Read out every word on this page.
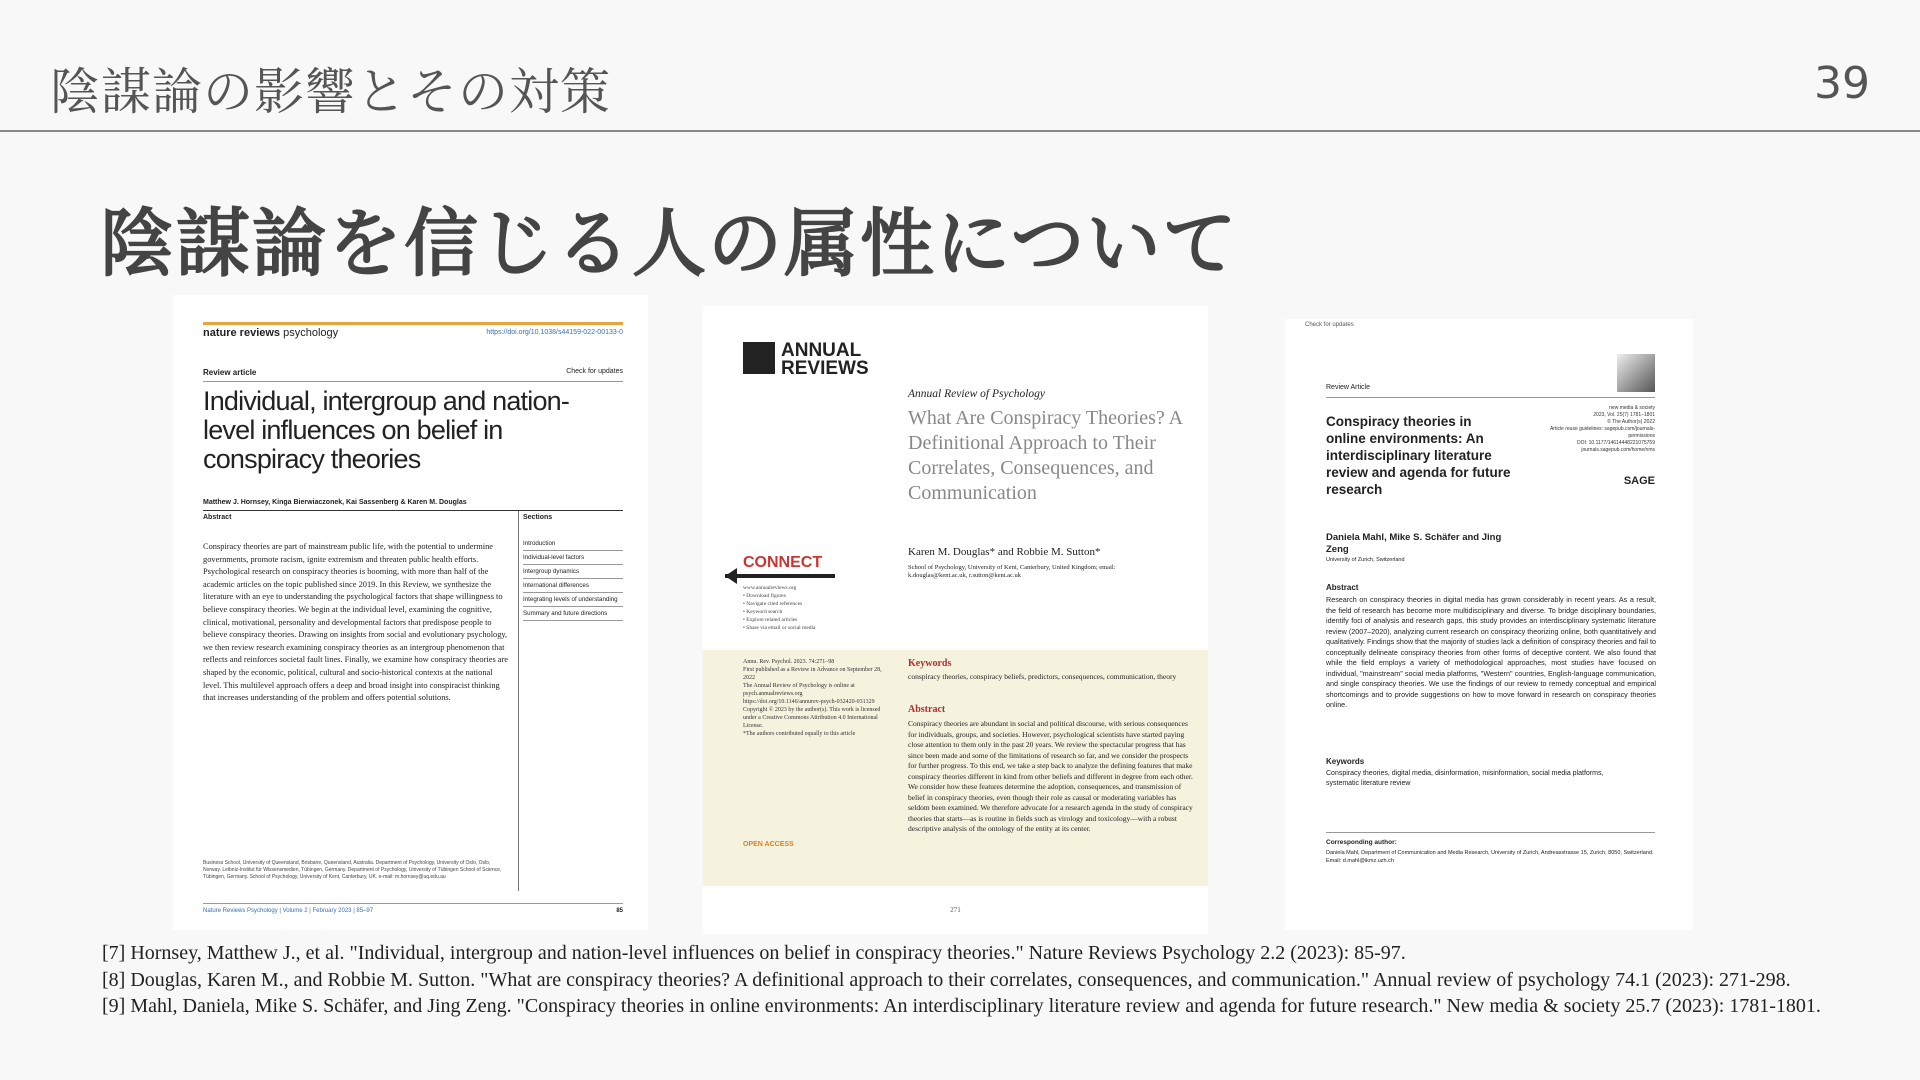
陰謀論の影響とその対策	39
陰謀論を信じる人の属性について
nature reviews psychology	https://doi.org/10.1038/s44159-022-00133-0
Review article	Check for updates
Individual, intergroup and nation-level influences on belief in conspiracy theories
Matthew J. Hornsey, Kinga Bierwiaczonek, Kai Sassenberg & Karen M. Douglas
Abstract	Sections
Conspiracy theories are part of mainstream public life, with the potential to undermine governments, promote racism, ignite extremism and threaten public health efforts. Psychological research on conspiracy theories is booming, with more than half of the academic articles on the topic published since 2019. In this Review, we synthesize the literature with an eye to understanding the psychological factors that shape willingness to believe conspiracy theories. We begin at the individual level, examining the cognitive, clinical, motivational, personality and developmental factors that predispose people to believe conspiracy theories. Drawing on insights from social and evolutionary psychology, we then review research examining conspiracy theories as an intergroup phenomenon that reflects and reinforces societal fault lines. Finally, we examine how conspiracy theories are shaped by the economic, political, cultural and socio-historical contexts at the national level. This multilevel approach offers a deep and broad insight into conspiracist thinking that increases understanding of the problem and offers potential solutions.
Introduction
Individual-level factors
Intergroup dynamics
International differences
Integrating levels of understanding
Summary and future directions
Business School, University of Queensland, Brisbane, Queensland, Australia. Department of Psychology, University of Oslo, Oslo, Norway. Leibniz-Institut für Wissensmedien, Tübingen, Germany. Department of Psychology, University of Tübingen School of Science, Tübingen, Germany. School of Psychology, University of Kent, Canterbury, UK. e-mail: m.hornsey@uq.edu.au
Nature Reviews Psychology | Volume 2 | February 2023 | 85–97	85
ANNUAL
REVIEWS
Annual Review of Psychology
What Are Conspiracy Theories? A Definitional Approach to Their Correlates, Consequences, and Communication
Karen M. Douglas* and Robbie M. Sutton*
School of Psychology, University of Kent, Canterbury, United Kingdom; email: k.douglas@kent.ac.uk, r.sutton@kent.ac.uk
CONNECT
www.annualreviews.org
• Download figures
• Navigate cited references
• Keyword search
• Explore related articles
• Share via email or social media
Annu. Rev. Psychol. 2023. 74:271–98
First published as a Review in Advance on September 28, 2022
The Annual Review of Psychology is online at psych.annualreviews.org
https://doi.org/10.1146/annurev-psych-032420-031329
Copyright © 2023 by the author(s). This work is licensed under a Creative Commons Attribution 4.0 International License.
*The authors contributed equally to this article
Keywords
conspiracy theories, conspiracy beliefs, predictors, consequences, communication, theory
Abstract
Conspiracy theories are abundant in social and political discourse, with serious consequences for individuals, groups, and societies. However, psychological scientists have started paying close attention to them only in the past 20 years. We review the spectacular progress that has since been made and some of the limitations of research so far, and we consider the prospects for further progress. To this end, we take a step back to analyze the defining features that make conspiracy theories different in kind from other beliefs and different in degree from each other. We consider how these features determine the adoption, consequences, and transmission of belief in conspiracy theories, even though their role as causal or moderating variables has seldom been examined. We therefore advocate for a research agenda in the study of conspiracy theories that starts—as is routine in fields such as virology and toxicology—with a robust descriptive analysis of the ontology of the entity at its center.
OPEN ACCESS
271
Check for updates
Review Article
Conspiracy theories in online environments: An interdisciplinary literature review and agenda for future research
new media & society
2023, Vol. 25(7) 1781–1801
© The Author(s) 2022
Article reuse guidelines: sagepub.com/journals-permissions
DOI: 10.1177/14614448221075759
journals.sagepub.com/home/nms
SAGE
Daniela Mahl, Mike S. Schäfer and Jing Zeng
University of Zurich, Switzerland
Abstract
Research on conspiracy theories in digital media has grown considerably in recent years. As a result, the field of research has become more multidisciplinary and diverse. To bridge disciplinary boundaries, identify foci of analysis and research gaps, this study provides an interdisciplinary systematic literature review (2007–2020), analyzing current research on conspiracy theorizing online, both quantitatively and qualitatively. Findings show that the majority of studies lack a definition of conspiracy theories and fail to conceptually delineate conspiracy theories from other forms of deceptive content. We also found that while the field employs a variety of methodological approaches, most studies have focused on individual, "mainstream" social media platforms, "Western" countries, English-language communication, and single conspiracy theories. We use the findings of our review to remedy conceptual and empirical shortcomings and to provide suggestions on how to move forward in research on conspiracy theories online.
Keywords
Conspiracy theories, digital media, disinformation, misinformation, social media platforms, systematic literature review
Corresponding author:
Daniela Mahl, Department of Communication and Media Research, University of Zurich, Andreasstrasse 15, Zurich, 8050, Switzerland. Email: d.mahl@ikmz.uzh.ch
[7] Hornsey, Matthew J., et al. "Individual, intergroup and nation-level influences on belief in conspiracy theories." Nature Reviews Psychology 2.2 (2023): 85-97.
[8] Douglas, Karen M., and Robbie M. Sutton. "What are conspiracy theories? A definitional approach to their correlates, consequences, and communication." Annual review of psychology 74.1 (2023): 271-298.
[9] Mahl, Daniela, Mike S. Schäfer, and Jing Zeng. "Conspiracy theories in online environments: An interdisciplinary literature review and agenda for future research." New media & society 25.7 (2023): 1781-1801.
